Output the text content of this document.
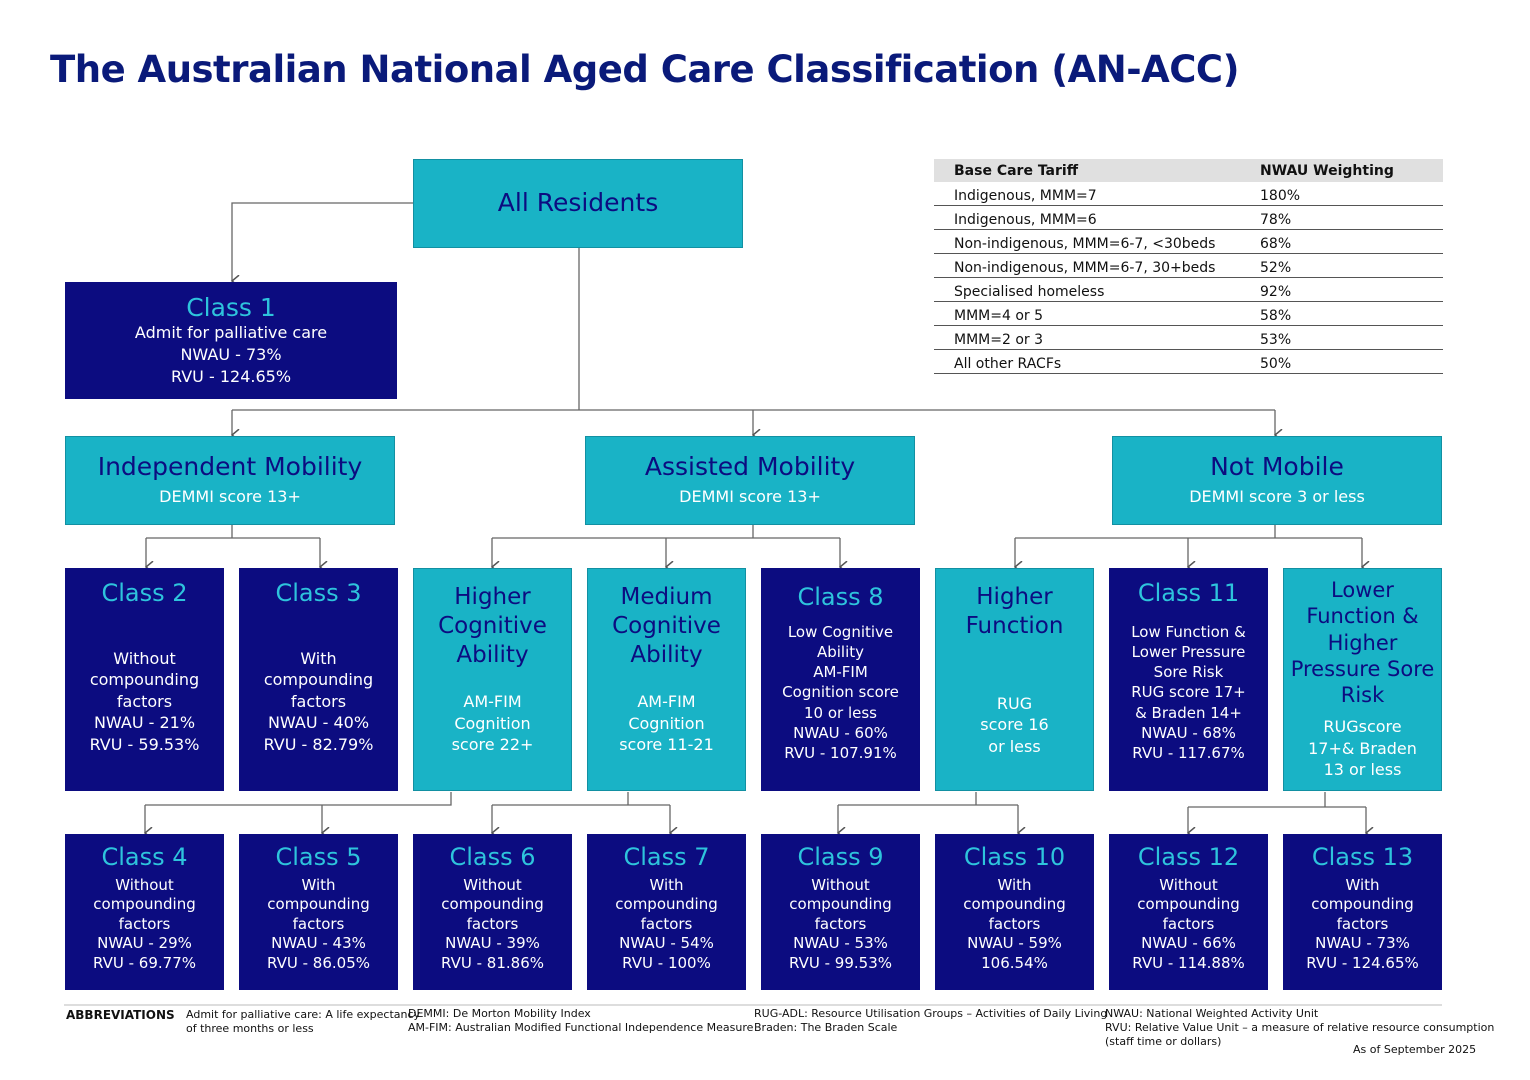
The Australian National Aged Care Classification (AN-ACC)
All Residents
Class 1
Admit for palliative care
NWAU - 73%
RVU - 124.65%
Independent Mobility
DEMMI score 13+
Assisted Mobility
DEMMI score 13+
Not Mobile
DEMMI score 3 or less
Class 2
Without
compounding
factors
NWAU - 21%
RVU - 59.53%
Class 3
With
compounding
factors
NWAU - 40%
RVU - 82.79%
Higher
Cognitive
Ability
AM-FIM
Cognition
score 22+
Medium
Cognitive
Ability
AM-FIM
Cognition
score 11-21
Class 8
Low Cognitive
Ability
AM-FIM
Cognition score
10 or less
NWAU - 60%
RVU - 107.91%
Higher
Function
RUG
score 16
or less
Class 11
Low Function &
Lower Pressure
Sore Risk
RUG score 17+
& Braden 14+
NWAU - 68%
RVU - 117.67%
Lower
Function &
Higher
Pressure Sore
Risk
RUGscore
17+& Braden
13 or less
Class 4
Without
compounding
factors
NWAU - 29%
RVU - 69.77%
Class 5
With
compounding
factors
NWAU - 43%
RVU - 86.05%
Class 6
Without
compounding
factors
NWAU - 39%
RVU - 81.86%
Class 7
With
compounding
factors
NWAU - 54%
RVU - 100%
Class 9
Without
compounding
factors
NWAU - 53%
RVU - 99.53%
Class 10
With
compounding
factors
NWAU - 59%
106.54%
Class 12
Without
compounding
factors
NWAU - 66%
RVU - 114.88%
Class 13
With
compounding
factors
NWAU - 73%
RVU - 124.65%
Base Care Tariff	NWAU Weighting
Indigenous, MMM=7	180%
Indigenous, MMM=6	78%
Non-indigenous, MMM=6-7, <30beds	68%
Non-indigenous, MMM=6-7, 30+beds	52%
Specialised homeless	92%
MMM=4 or 5	58%
MMM=2 or 3	53%
All other RACFs	50%
ABBREVIATIONS Admit for palliative care: A life expectancy
of three months or less
DEMMI: De Morton Mobility Index
AM-FIM: Australian Modified Functional Independence Measure
RUG-ADL: Resource Utilisation Groups – Activities of Daily Living
Braden: The Braden Scale
NWAU: National Weighted Activity Unit
RVU: Relative Value Unit – a measure of relative resource consumption
(staff time or dollars)
As of September 2025
